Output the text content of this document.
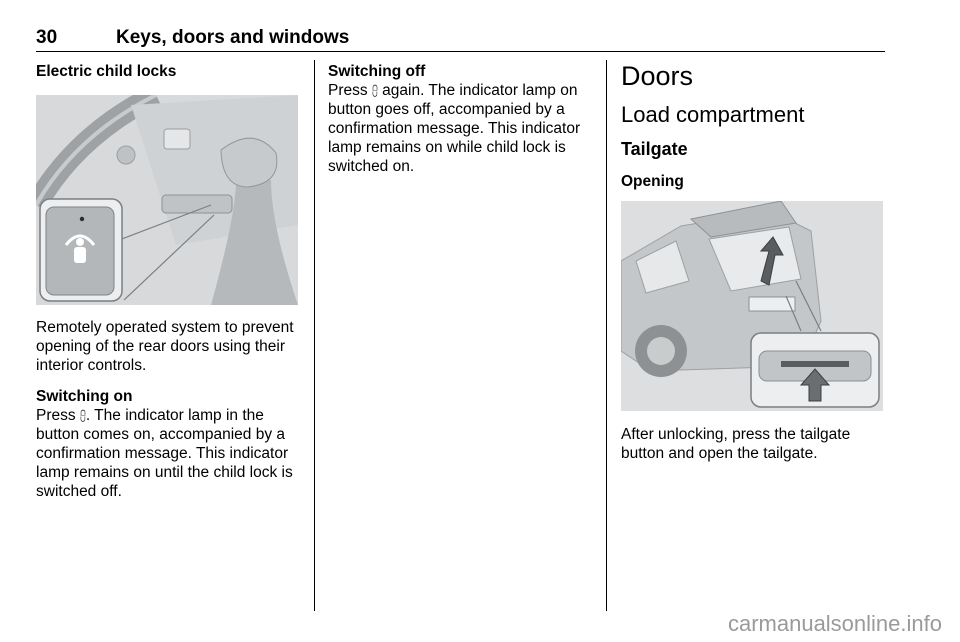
30	Keys, doors and windows
Electric child locks

Remotely operated system to prevent opening of the rear doors using their interior controls.

Switching on

Press ⩉. The indicator lamp in the button comes on, accompanied by a confirmation message. This indicator lamp remains on until the child lock is switched off.

Switching off

Press ⩉ again. The indicator lamp on button goes off, accompanied by a confirmation message. This indicator lamp remains on while child lock is switched on.

Doors
Load compartment
Tailgate
Opening

After unlocking, press the tailgate button and open the tailgate.

carmanualsonline.info
